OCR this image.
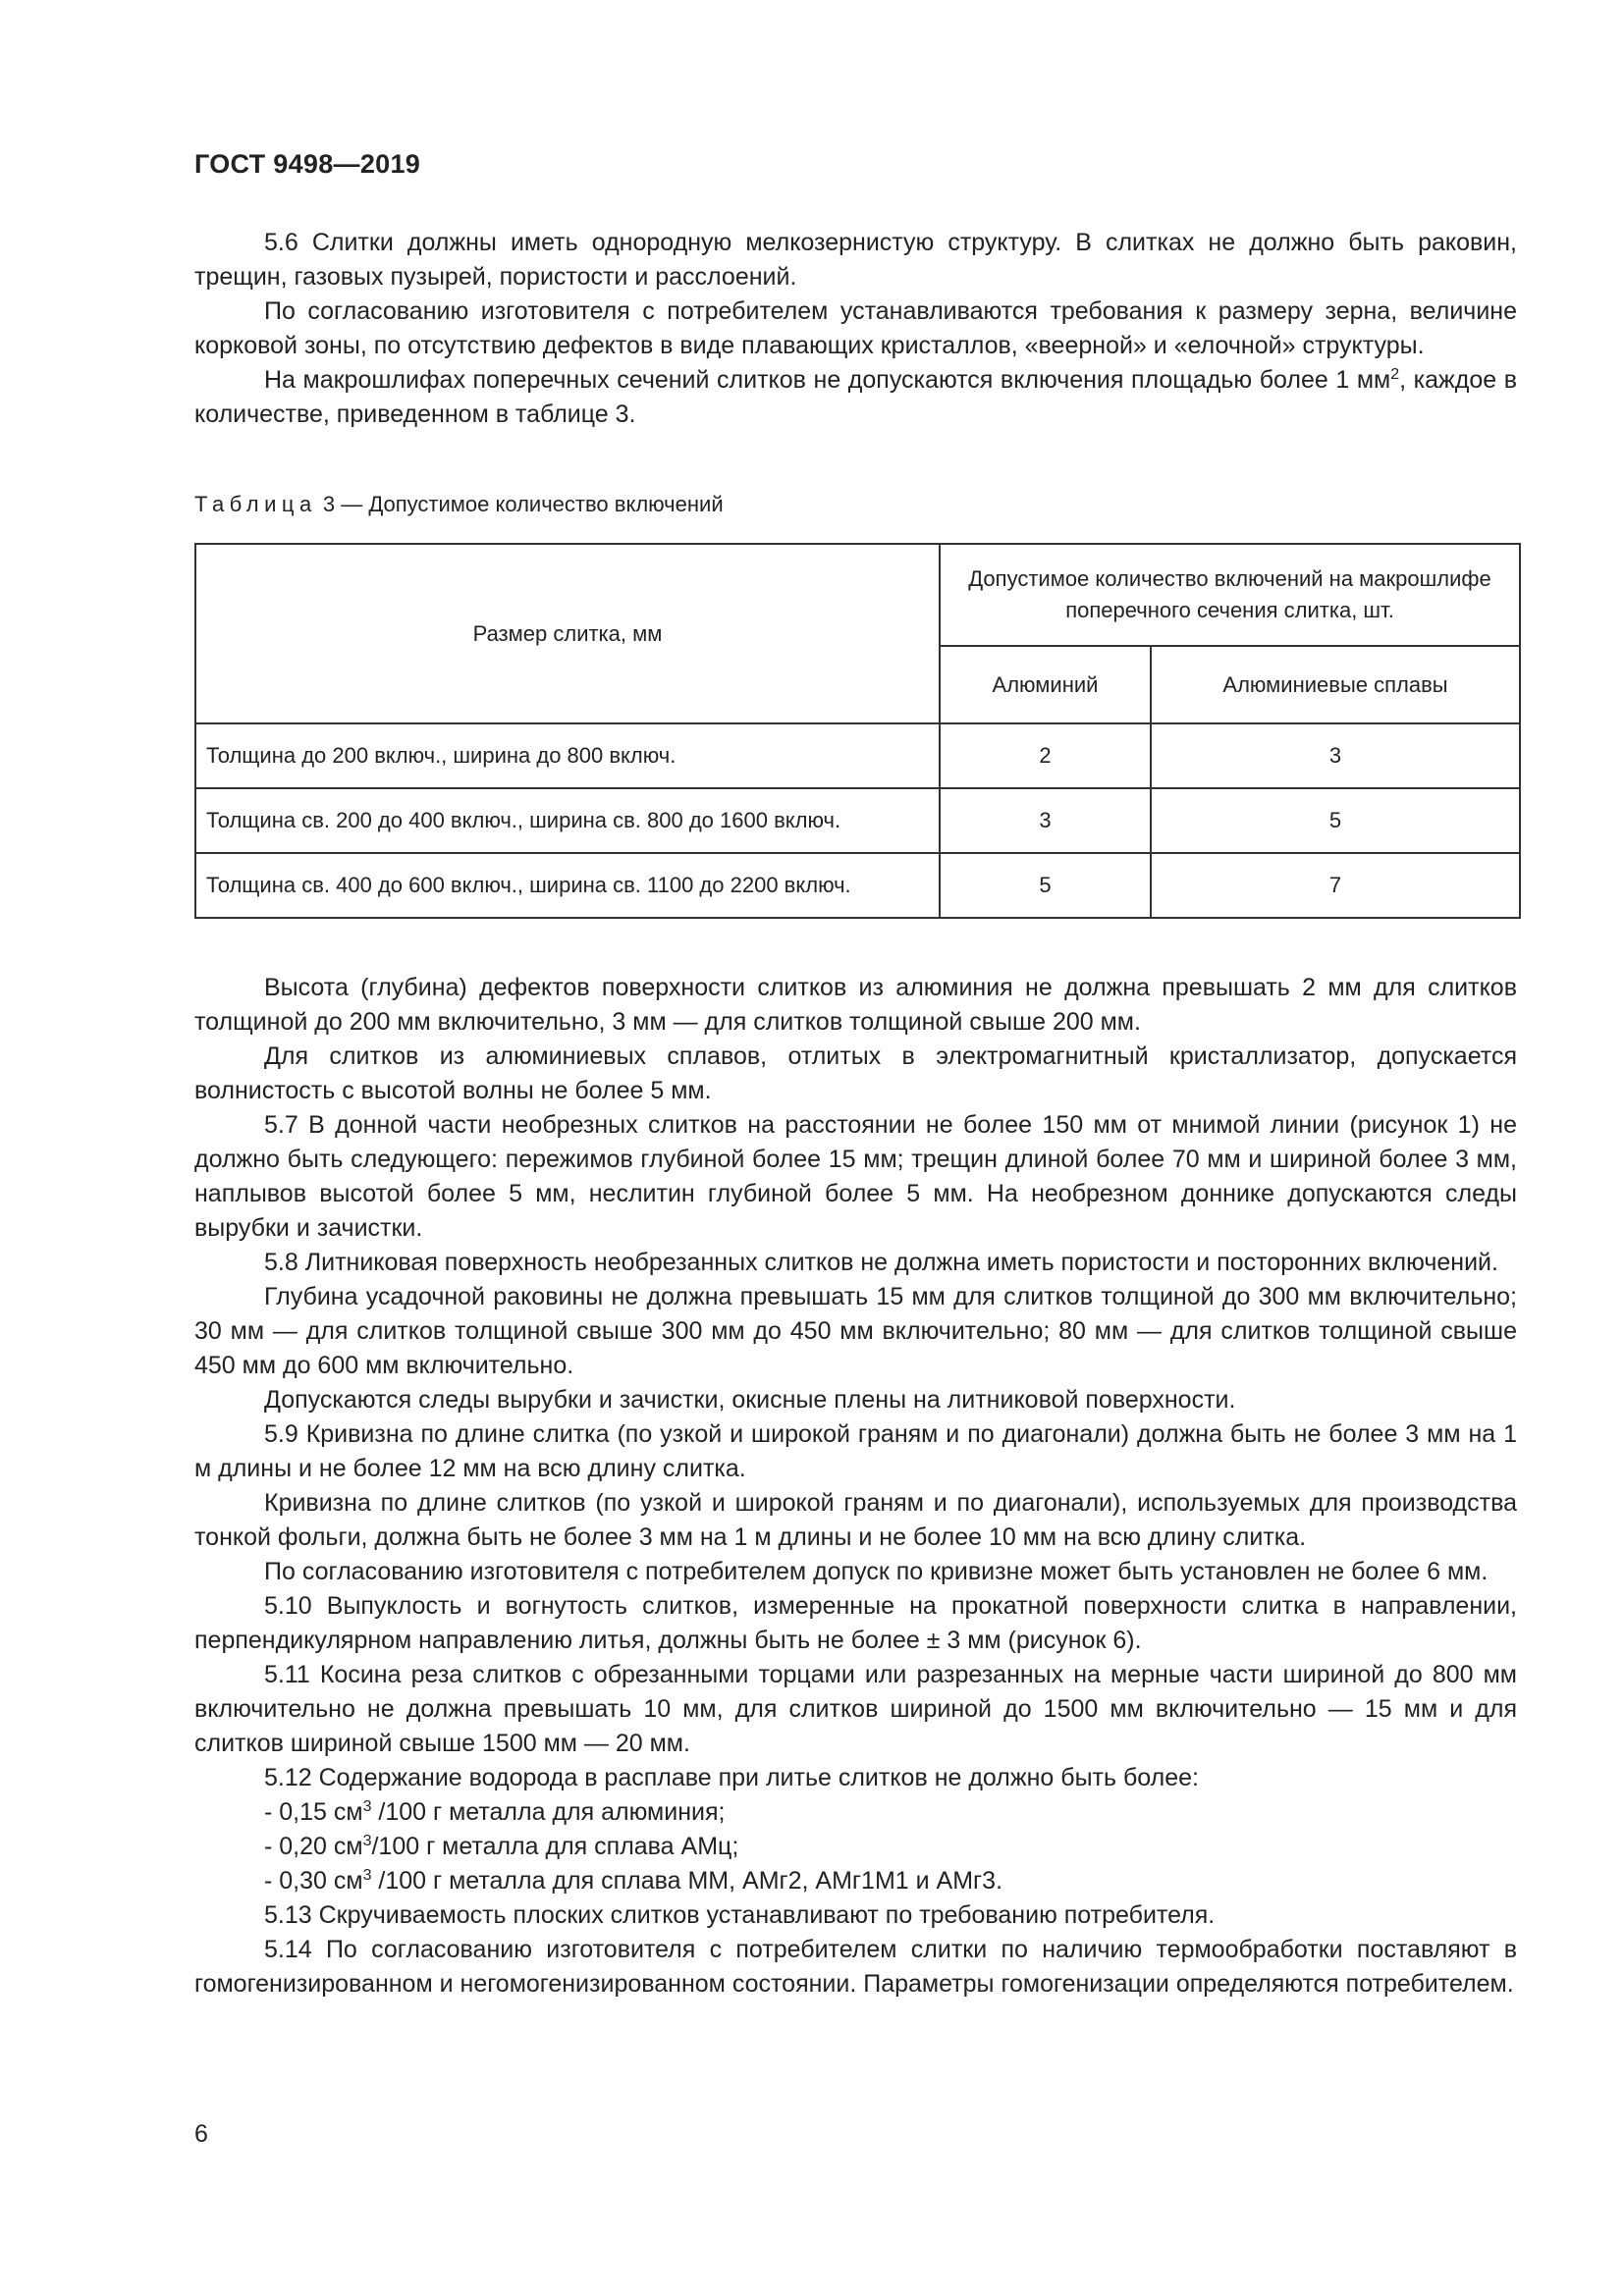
ГОСТ 9498—2019

5.6 Слитки должны иметь однородную мелкозернистую структуру. В слитках не должно быть раковин, трещин, газовых пузырей, пористости и расслоений.

По согласованию изготовителя с потребителем устанавливаются требования к размеру зерна, величине корковой зоны, по отсутствию дефектов в виде плавающих кристаллов, «веерной» и «елочной» структуры.

На макрошлифах поперечных сечений слитков не допускаются включения площадью более 1 $мм^2$, каждое в количестве, приведенном в таблице 3.

Таблица 3 — Допустимое количество включений

Размер слитка, мм	Допустимое количество включений на макрошлифе поперечного сечения слитка, шт.	
	Алюминий	Алюминиевые сплавы
Толщина до 200 включ., ширина до 800 включ.	2	3
Толщина св. 200 до 400 включ., ширина св. 800 до 1600 включ.	3	5
Толщина св. 400 до 600 включ., ширина св. 1100 до 2200 включ.	5	7

Высота (глубина) дефектов поверхности слитков из алюминия не должна превышать 2 мм для слитков толщиной до 200 мм включительно, 3 мм — для слитков толщиной свыше 200 мм.

Для слитков из алюминиевых сплавов, отлитых в электромагнитный кристаллизатор, допускается волнистость с высотой волны не более 5 мм.

5.7 В донной части необрезных слитков на расстоянии не более 150 мм от мнимой линии (рисунок 1) не должно быть следующего: пережимов глубиной более 15 мм; трещин длиной более 70 мм и шириной более 3 мм, наплывов высотой более 5 мм, неслитин глубиной более 5 мм. На необрезном доннике допускаются следы вырубки и зачистки.

5.8 Литниковая поверхность необрезанных слитков не должна иметь пористости и посторонних включений.

Глубина усадочной раковины не должна превышать 15 мм для слитков толщиной до 300 мм включительно; 30 мм — для слитков толщиной свыше 300 мм до 450 мм включительно; 80 мм — для слитков толщиной свыше 450 мм до 600 мм включительно.

Допускаются следы вырубки и зачистки, окисные плены на литниковой поверхности.

5.9 Кривизна по длине слитка (по узкой и широкой граням и по диагонали) должна быть не более 3 мм на 1 м длины и не более 12 мм на всю длину слитка.

Кривизна по длине слитков (по узкой и широкой граням и по диагонали), используемых для производства тонкой фольги, должна быть не более 3 мм на 1 м длины и не более 10 мм на всю длину слитка.

По согласованию изготовителя с потребителем допуск по кривизне может быть установлен не более 6 мм.

5.10 Выпуклость и вогнутость слитков, измеренные на прокатной поверхности слитка в направлении, перпендикулярном направлению литья, должны быть не более ± 3 мм (рисунок 6).

5.11 Косина реза слитков с обрезанными торцами или разрезанных на мерные части шириной до 800 мм включительно не должна превышать 10 мм, для слитков шириной до 1500 мм включительно — 15 мм и для слитков шириной свыше 1500 мм — 20 мм.

5.12 Содержание водорода в расплаве при литье слитков не должно быть более:

- 0,15 $см^3$ /100 г металла для алюминия;

- 0,20 $см^3/100$ г металла для сплава АМц;

- 0,30 $см^3$ /100 г металла для сплава ММ, АМг2, АМг1М1 и АМг3.

5.13 Скручиваемость плоских слитков устанавливают по требованию потребителя.

5.14 По согласованию изготовителя с потребителем слитки по наличию термообработки поставляют в гомогенизированном и негомогенизированном состоянии. Параметры гомогенизации определяются потребителем.

6
